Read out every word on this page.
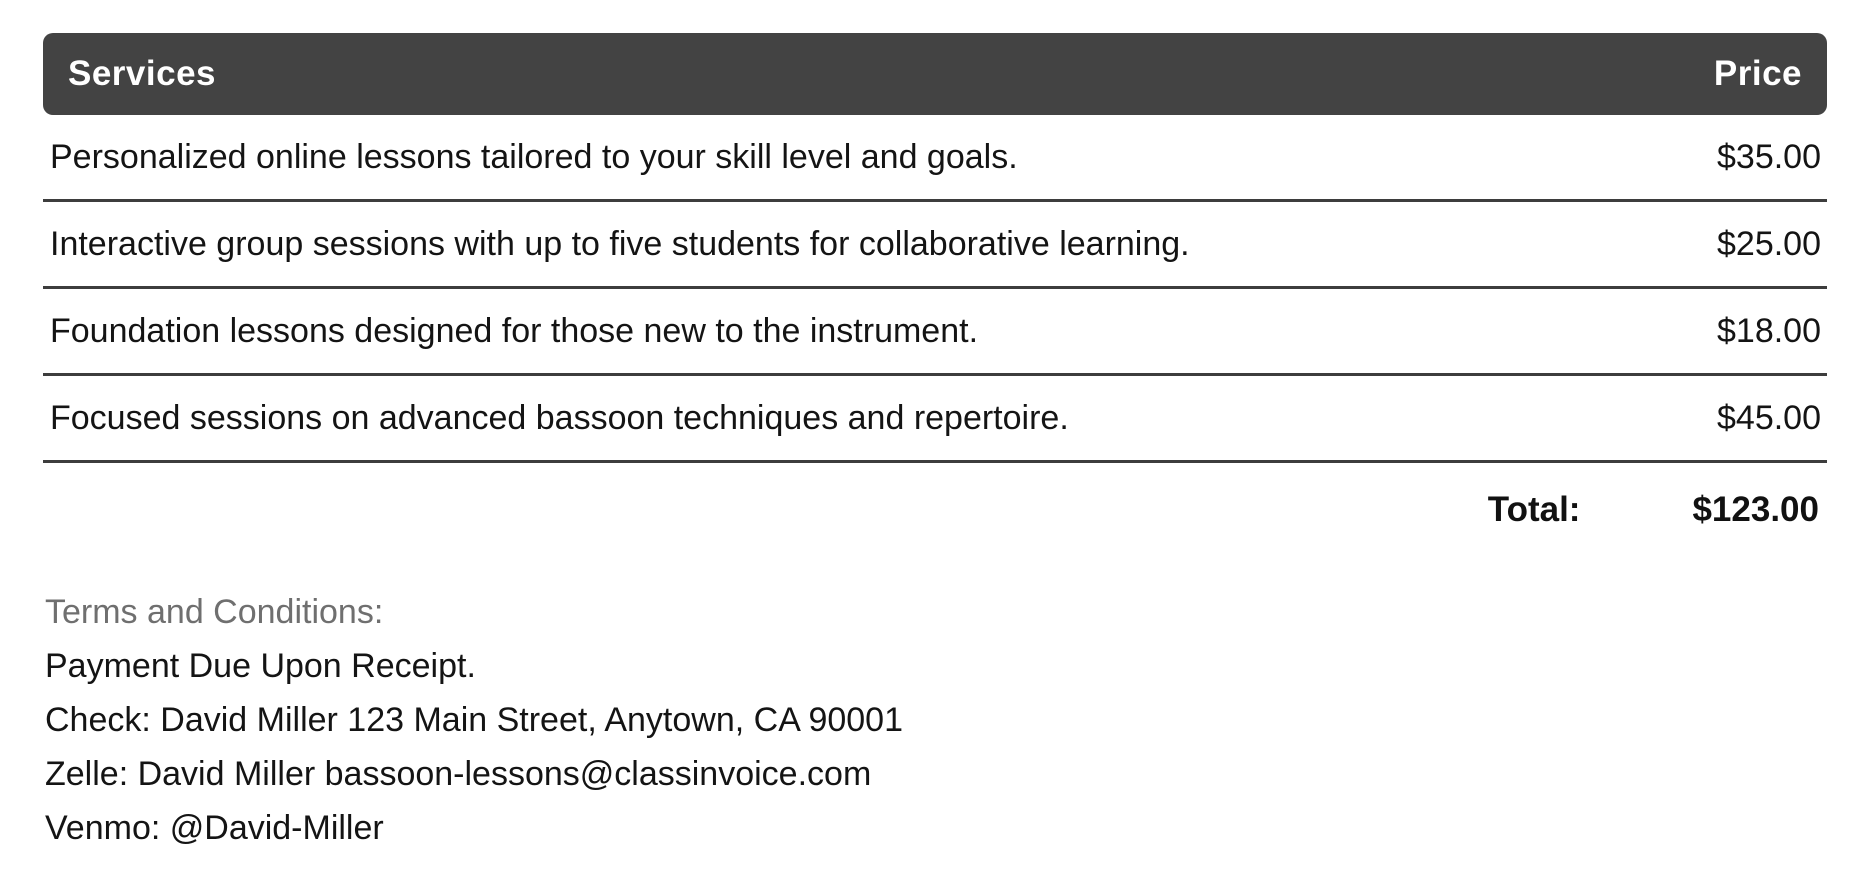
Services	Price
Personalized online lessons tailored to your skill level and goals.	$35.00
Interactive group sessions with up to five students for collaborative learning.	$25.00
Foundation lessons designed for those new to the instrument.	$18.00
Focused sessions on advanced bassoon techniques and repertoire.	$45.00
Total:	$123.00
Terms and Conditions:
Payment Due Upon Receipt.
Check: David Miller 123 Main Street, Anytown, CA 90001
Zelle: David Miller bassoon-lessons@classinvoice.com
Venmo: @David-Miller
